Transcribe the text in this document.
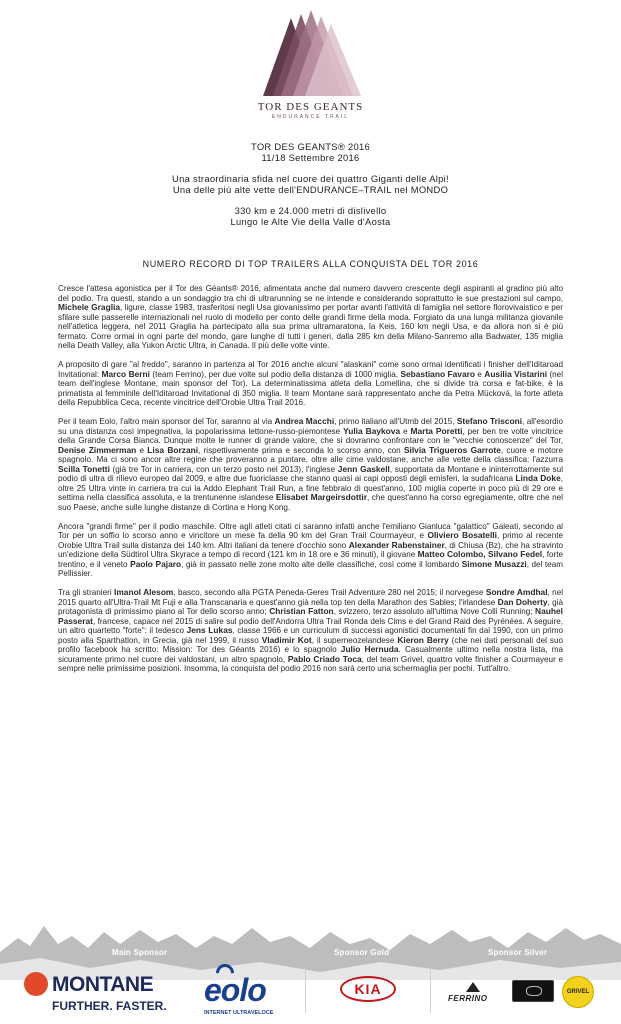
TOR DES GEANTS
ENDURANCE TRAIL

TOR DES GEANTS® 2016

11/18 Settembre 2016

Una straordinaria sfida nel cuore dei quattro Giganti delle Alpi!

Una delle più alte vette dell'ENDURANCE–TRAIL nel MONDO

330 km e 24.000 metri di dislivello

Lungo le Alte Vie della Valle d'Aosta

NUMERO RECORD DI TOP TRAILERS ALLA CONQUISTA DEL TOR 2016

Cresce l'attesa agonistica per il Tor des Géants® 2016, alimentata anche dal numero davvero crescente degli aspiranti al gradino più alto del podio. Tra questi, stando a un sondaggio tra chi di ultrarunning se ne intende e considerando soprattutto le sue prestazioni sul campo, Michele Graglia, ligure, classe 1983, trasferitosi negli Usa giovanissimo per portar avanti l'attività di famiglia nel settore florovivaistico e per sfilare sulle passerelle internazionali nel ruolo di modello per conto delle grandi firme della moda. Forgiato da una lunga militanza giovanile nell'atletica leggera, nel 2011 Graglia ha partecipato alla sua prima ultramaratona, la Keis, 160 km negli Usa, e da allora non si è più fermato. Corre ormai in ogni parte del mondo, gare lunghe di tutti i generi, dalla 285 km della Milano-Sanremo alla Badwater, 135 miglia nella Death Valley, alla Yukon Arctic Ultra, in Canada. Il più delle volte vinte.

A proposito di gare "al freddo", saranno in partenza al Tor 2016 anche alcuni "alaskani" come sono ormai identificati i finisher dell'Iditaroad Invitational: Marco Berni (team Ferrino), per due volte sul podio della distanza di 1000 miglia, Sebastiano Favaro e Ausilia Vistarini (nel team dell'inglese Montane, main sponsor del Tor). La determinatissima atleta della Lomellina, che si divide tra corsa e fat-bike, è la primatista al femminile dell'Iditaroad Invitational di 350 miglia. Il team Montane sarà rappresentato anche da Petra Mücková, la forte atleta della Repubblica Ceca, recente vincitrice dell'Orobie Ultra Trail 2016.

Per il team Eolo, l'altro main sponsor del Tor, saranno al via Andrea Macchi, primo italiano all'Utmb del 2015, Stefano Trisconi, all'esordio su una distanza così impegnativa, la popolarissima lettone-russo-piemontese Yulia Baykova e Marta Poretti, per ben tre volte vincitrice della Grande Corsa Bianca. Dunque molte le runner di grande valore, che si dovranno confrontare con le "vecchie conoscenze" del Tor, Denise Zimmerman e Lisa Borzani, rispettivamente prima e seconda lo scorso anno, con Silvia Trigueros Garrote, cuore e motore spagnolo. Ma ci sono ancor altre regine che proveranno a puntare, oltre alle cime valdostane, anche alle vette della classifica: l'azzurra Scilla Tonetti (già tre Tor in carriera, con un terzo posto nel 2013), l'inglese Jenn Gaskell, supportata da Montane e ininterrottamente sul podio di ultra di rilievo europeo dal 2009, e altre due fuoriclasse che stanno quasi ai capi opposti degli emisferi, la sudafricana Linda Doke, oltre 25 Ultra vinte in carriera tra cui la Addo Elephant Trail Run, a fine febbraio di quest'anno, 100 miglia coperte in poco più di 29 ore e settima nella classifica assoluta, e la trentunenne islandese Elisabet Margeirsdottir, che quest'anno ha corso egregiamente, oltre che nel suo Paese, anche sulle lunghe distanze di Cortina e Hong Kong.

Ancora "grandi firme" per il podio maschile. Oltre agli atleti citati ci saranno infatti anche l'emiliano Gianluca "galattico" Galeati, secondo al Tor per un soffio lo scorso anno e vincitore un mese fa della 90 km del Gran Trail Courmayeur, e Oliviero Bosatelli, primo al recente Orobie Ultra Trail sulla distanza dei 140 km. Altri italiani da tenere d'occhio sono Alexander Rabenstainer, di Chiusa (Bz), che ha stravinto un'edizione della Südtirol Ultra Skyrace a tempo di record (121 km in 18 ore e 36 minuti), il giovane Matteo Colombo, Silvano Fedel, forte trentino, e il veneto Paolo Pajaro, già in passato nelle zone molto alte delle classifiche, così come il lombardo Simone Musazzi, del team Pellissier.

Tra gli stranieri Imanol Alesom, basco, secondo alla PGTA Peneda-Geres Trail Adventure 280 nel 2015; il norvegese Sondre Amdhal, nel 2015 quarto all'Ultra-Trail Mt Fuji e alla Transcanaria e quest'anno già nella top ten della Marathon des Sables; l'irlandese Dan Doherty, già protagonista di primissimo piano al Tor dello scorso anno; Christian Fatton, svizzero, terzo assoluto all'ultima Nove Colli Running; Nauhel Passerat, francese, capace nel 2015 di salire sul podio dell'Andorra Ultra Trail Ronda dels Cims e del Grand Raid des Pyrénées. A seguire, un altro quartetto "forte": il tedesco Jens Lukas, classe 1966 e un curriculum di successi agonistici documentati fin dal 1990, con un primo posto alla Sparthatlon, in Grecia, già nel 1999, il russo Vladimir Kot, il superneozelandese Kieron Berry (che nei dati personali del suo profilo facebook ha scritto: Mission: Tor des Géants 2016) e lo spagnolo Julio Hernuda. Casualmente ultimo nella nostra lista, ma sicuramente primo nel cuore dei valdostani, un altro spagnolo, Pablo Criado Toca, del team Grivel, quattro volte finisher a Courmayeur e sempre nelle primissime posizioni. Insomma, la conquista del podio 2016 non sarà certo una schermaglia per pochi. Tutt'altro.

Main Sponsor	Sponsor Gold	Sponsor Silver
MONTANE
FURTHER. FASTER. eolo
INTERNET ULTRAVELOCE
KIA
FERRINO
GRIVEL
